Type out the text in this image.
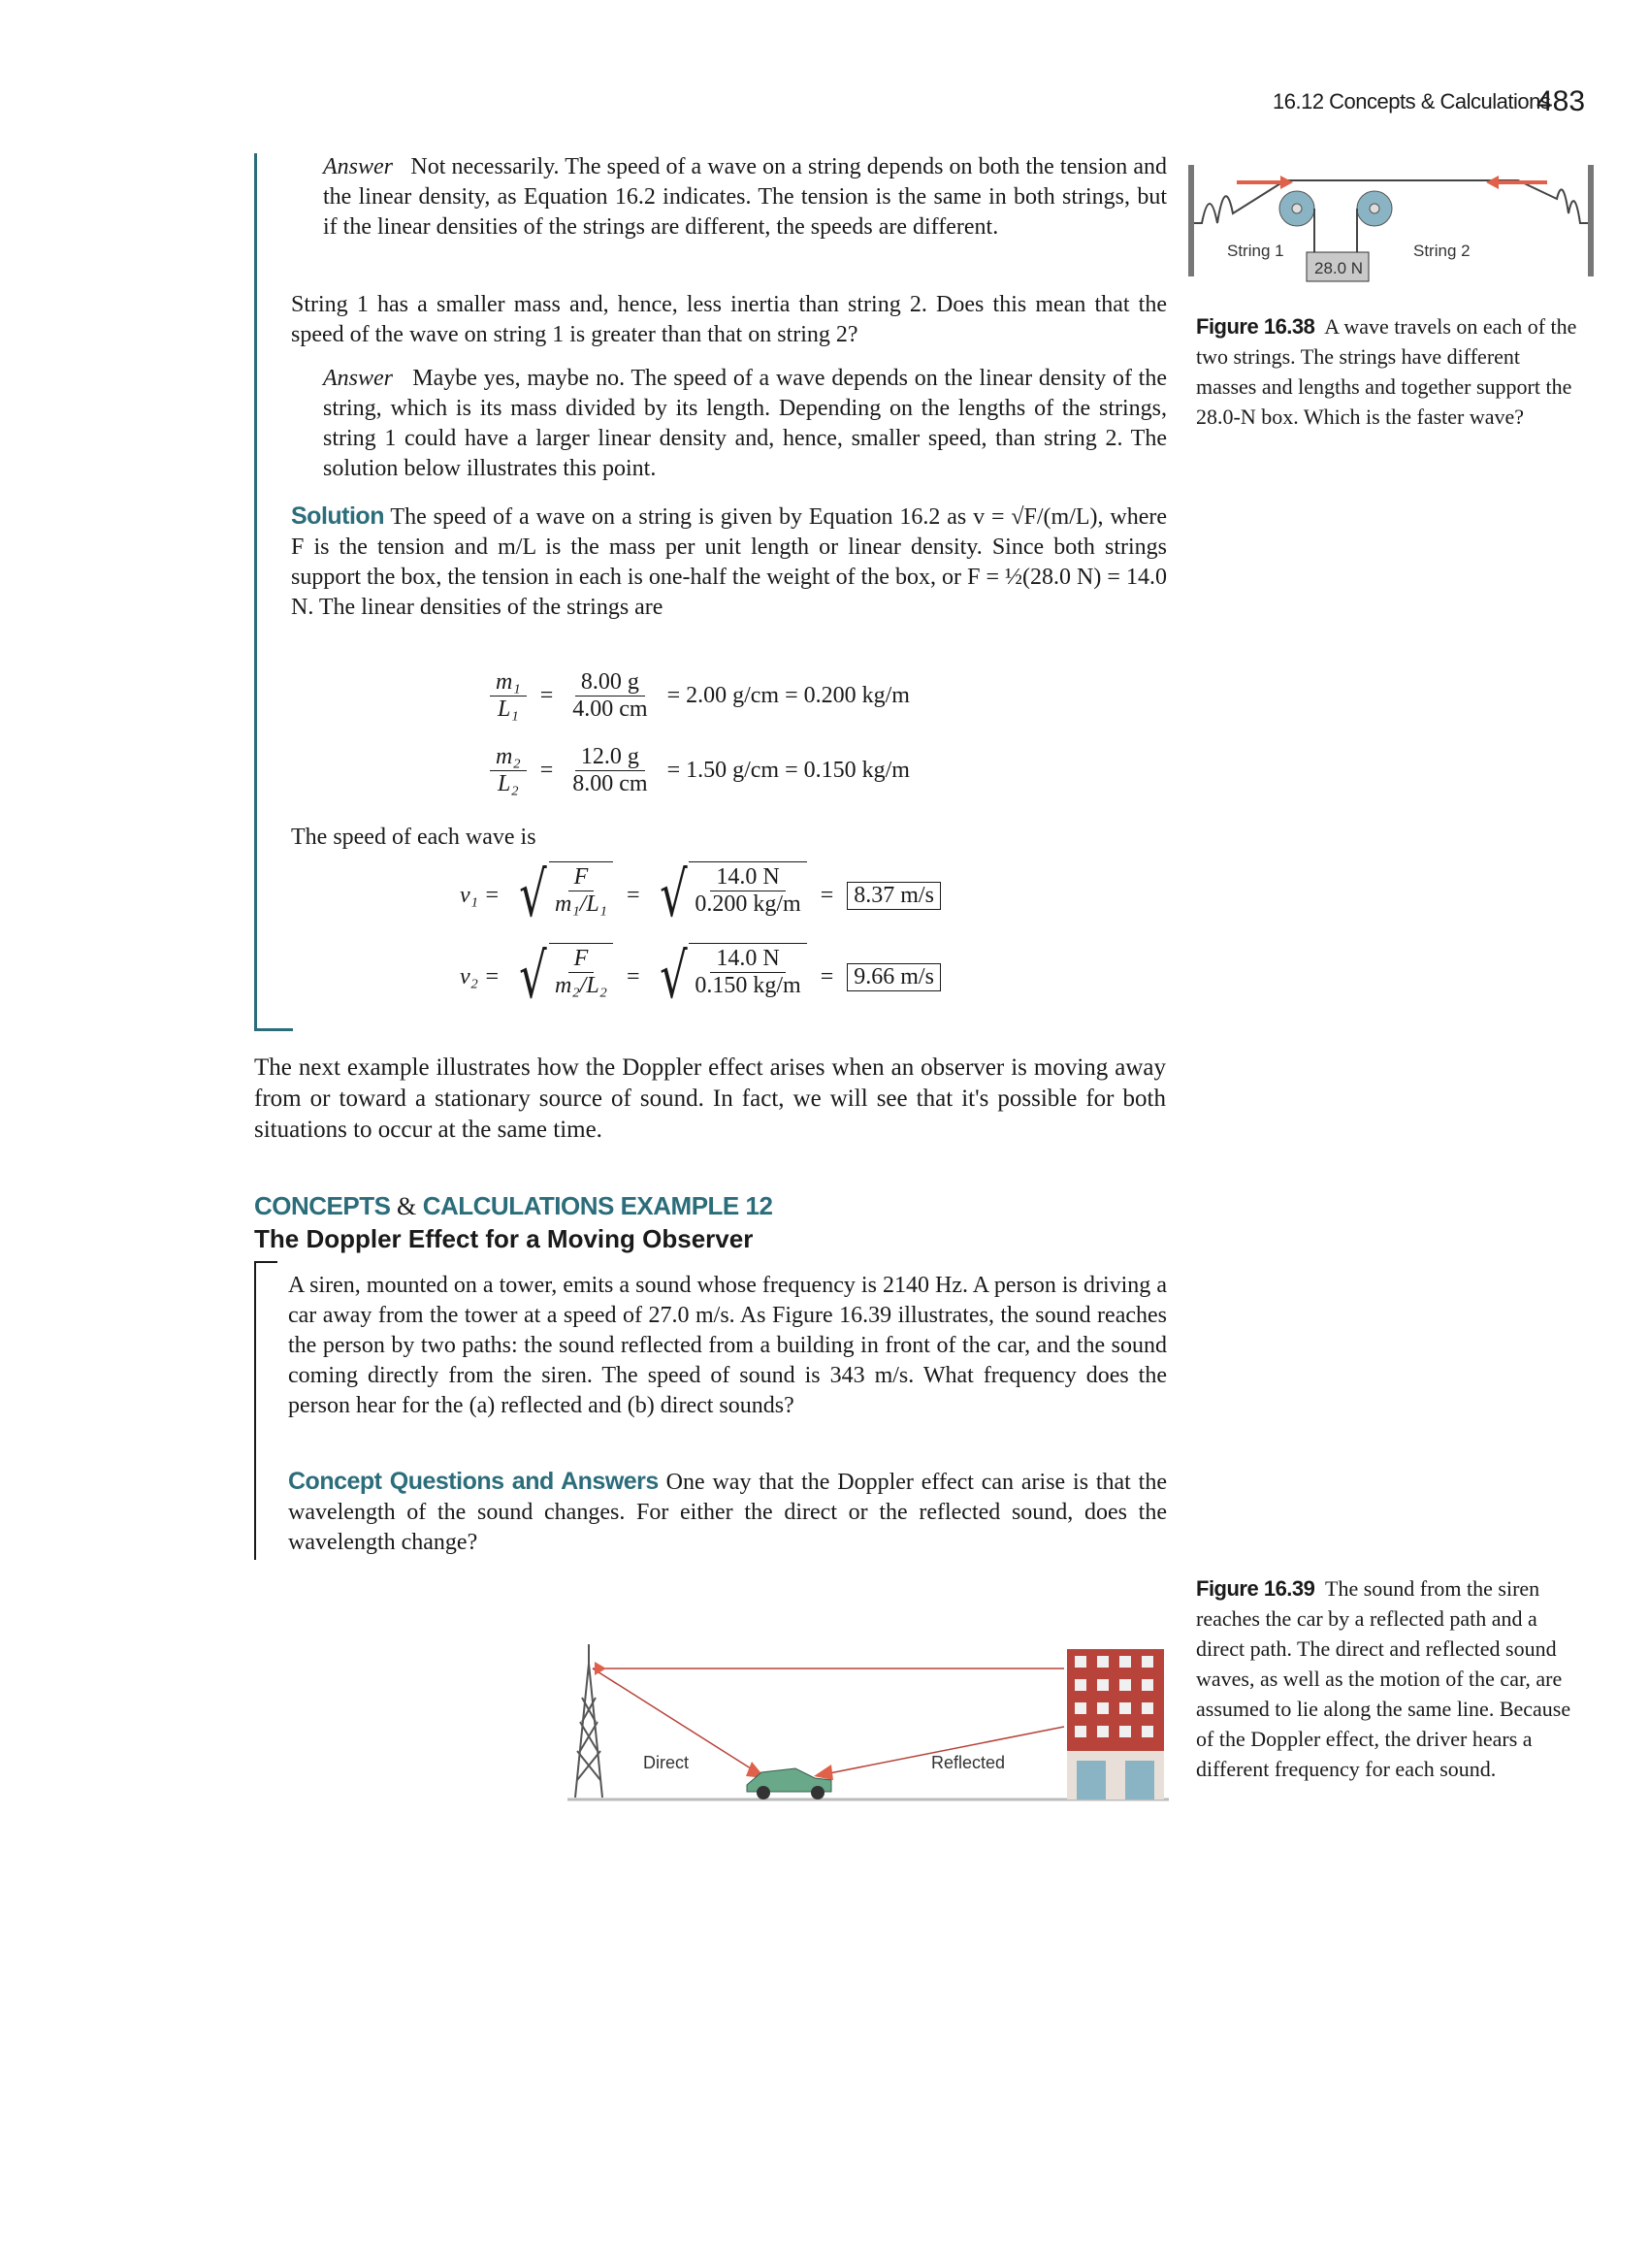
16.12 Concepts & Calculations
483
Answer Not necessarily. The speed of a wave on a string depends on both the tension and the linear density, as Equation 16.2 indicates. The tension is the same in both strings, but if the linear densities of the strings are different, the speeds are different.
String 1 has a smaller mass and, hence, less inertia than string 2. Does this mean that the speed of the wave on string 1 is greater than that on string 2?
Answer Maybe yes, maybe no. The speed of a wave depends on the linear density of the string, which is its mass divided by its length. Depending on the lengths of the strings, string 1 could have a larger linear density and, hence, smaller speed, than string 2. The solution below illustrates this point.
Solution The speed of a wave on a string is given by Equation 16.2 as v = √F/(m/L), where F is the tension and m/L is the mass per unit length or linear density. Since both strings support the box, the tension in each is one-half the weight of the box, or F = ½(28.0 N) = 14.0 N. The linear densities of the strings are
$\frac{\text{m₁}}{\text{L₁}} = \frac{8.00 g}{4.00 cm} = 2.00$ g/cm = 0.200 kg/m
$\frac{\text{m₂}}{\text{L₂}} = \frac{12.0 g}{8.00 cm} = 1.50$ g/cm = 0.150 kg/m
The speed of each wave is
v₁ = √ $\frac{F}{\text{m₁/L₁}}$ = √ $\frac{14.0 N}{0.200 kg/m} = 8.37$ m/s
v₂ = √ $\frac{F}{\text{m₂/L₂}}$ = √ $\frac{14.0 N}{0.150 kg/m} = 9.66$ m/s
The next example illustrates how the Doppler effect arises when an observer is moving away from or toward a stationary source of sound. In fact, we will see that it's possible for both situations to occur at the same time.
CONCEPTS & CALCULATIONS EXAMPLE 12
The Doppler Effect for a Moving Observer
A siren, mounted on a tower, emits a sound whose frequency is 2140 Hz. A person is driving a car away from the tower at a speed of 27.0 m/s. As Figure 16.39 illustrates, the sound reaches the person by two paths: the sound reflected from a building in front of the car, and the sound coming directly from the siren. The speed of sound is 343 m/s. What frequency does the person hear for the (a) reflected and (b) direct sounds?
Concept Questions and Answers One way that the Doppler effect can arise is that the wavelength of the sound changes. For either the direct or the reflected sound, does the wavelength change?
String 1	String 2
28.0 N
Figure 16.38 A wave travels on each of the two strings. The strings have different masses and lengths and together support the 28.0-N box. Which is the faster wave?
Figure 16.39 The sound from the siren reaches the car by a reflected path and a direct path. The direct and reflected sound waves, as well as the motion of the car, are assumed to lie along the same line. Because of the Doppler effect, the driver hears a different frequency for each sound.
Direct	Reflected
